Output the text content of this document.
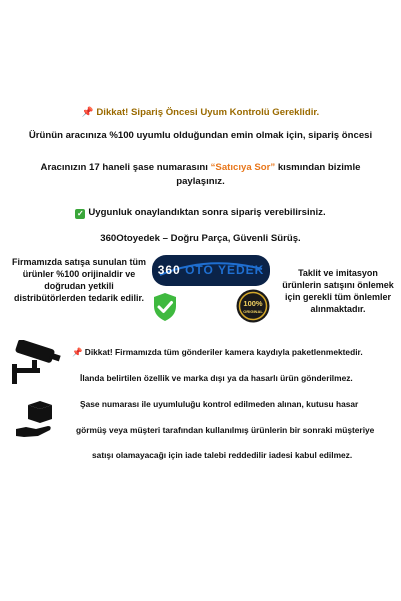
📌 Dikkat! Sipariş Öncesi Uyum Kontrolü Gereklidir.
Ürünün aracınıza %100 uyumlu olduğundan emin olmak için, sipariş öncesi
Aracınızın 17 haneli şase numarasını “Satıcıya Sor” kısmından bizimle
paylaşınız.
✓ Uygunluk onaylandıktan sonra sipariş verebilirsiniz.
360Otoyedek – Doğru Parça, Güvenli Sürüş.
Firmamızda satışa sunulan tüm
ürünler %100 orijinaldir ve
doğrudan yetkili
distribütörlerden tedarik edilir.
360 OTO YEDEK
100%
ORIGINAL
Taklit ve imitasyon
ürünlerin satışını önlemek
için gerekli tüm önlemler
alınmaktadır.
📌 Dikkat! Firmamızda tüm gönderiler kamera kaydıyla paketlenmektedir.
İlanda belirtilen özellik ve marka dışı ya da hasarlı ürün gönderilmez.
Şase numarası ile uyumluluğu kontrol edilmeden alınan, kutusu hasar
görmüş veya müşteri tarafından kullanılmış ürünlerin bir sonraki müşteriye
satışı olamayacağı için iade talebi reddedilir iadesi kabul edilmez.
